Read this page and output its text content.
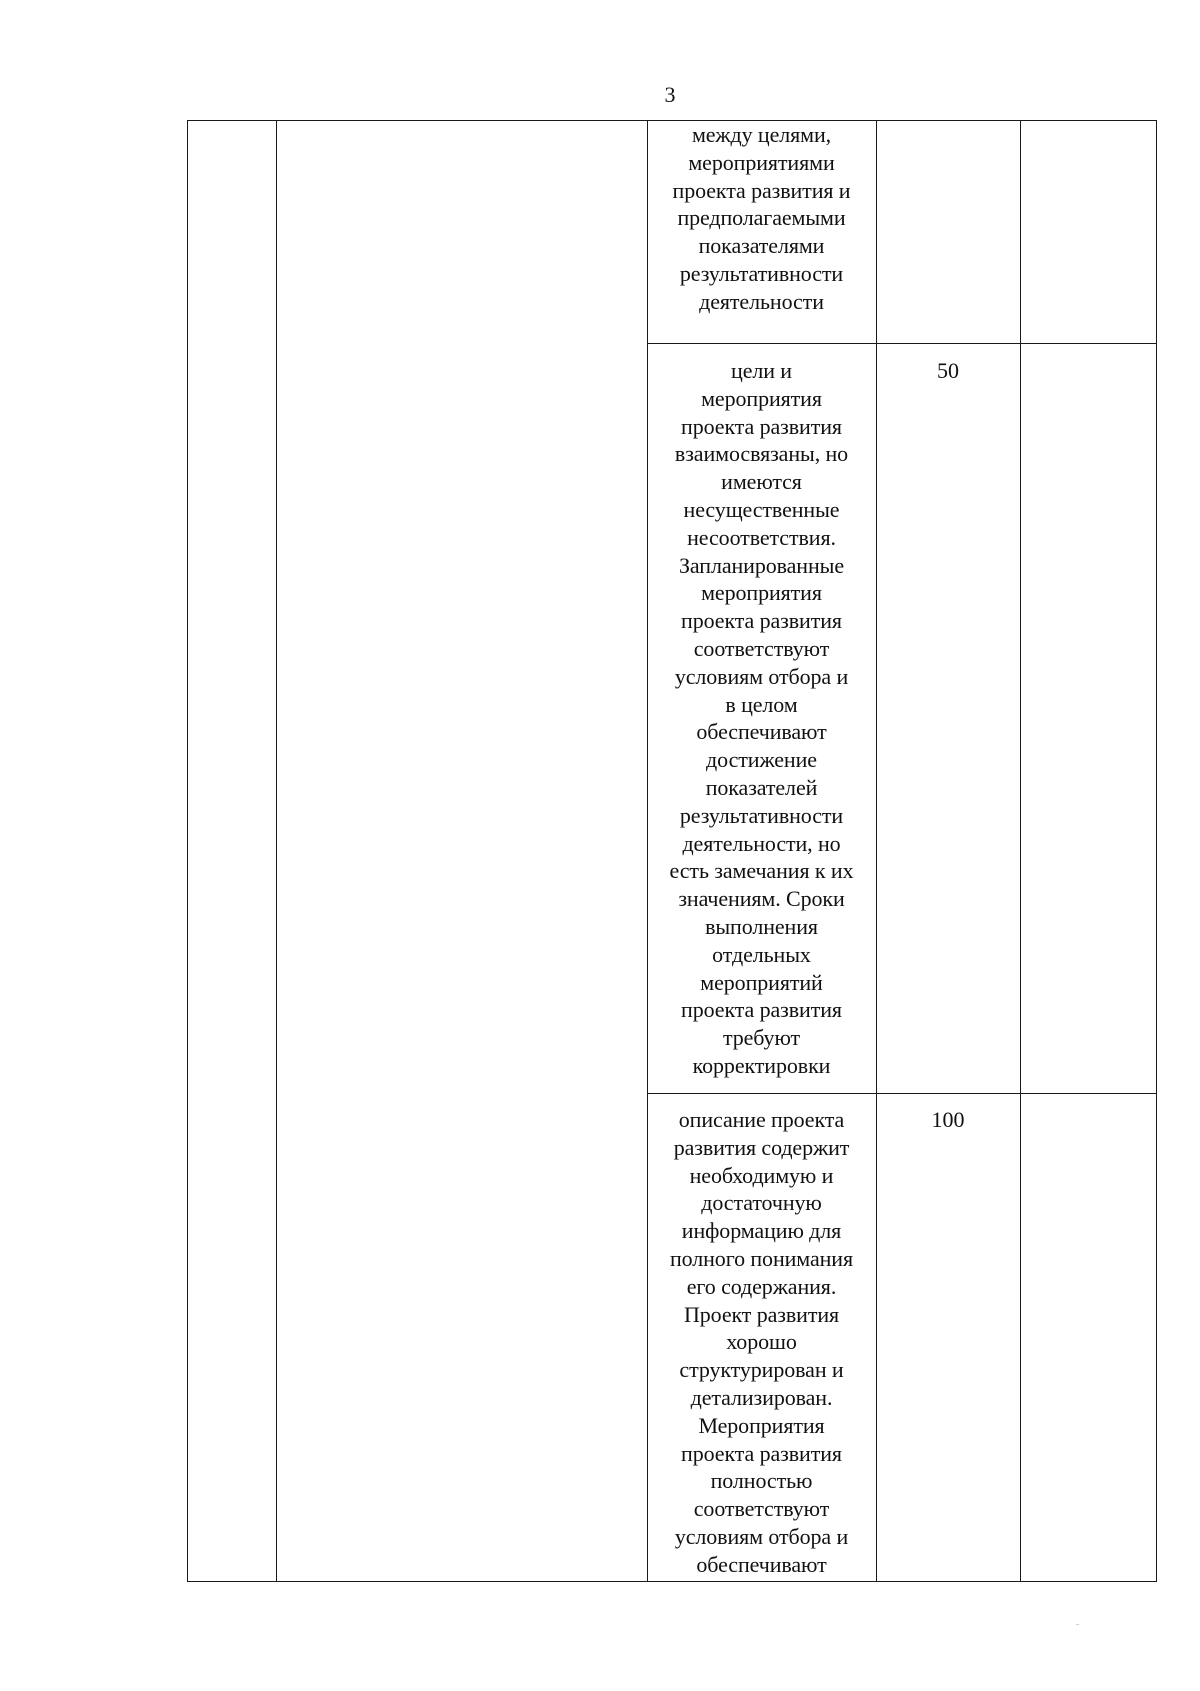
3
между целями,
мероприятиями
проекта развития и
предполагаемыми
показателями
результативности
деятельности
цели и
мероприятия
проекта развития
взаимосвязаны, но
имеются
несущественные
несоответствия.
Запланированные
мероприятия
проекта развития
соответствуют
условиям отбора и
в целом
обеспечивают
достижение
показателей
результативности
деятельности, но
есть замечания к их
значениям. Сроки
выполнения
отдельных
мероприятий
проекта развития
требуют
корректировки
50
описание проекта
развития содержит
необходимую и
достаточную
информацию для
полного понимания
его содержания.
Проект развития
хорошо
структурирован и
детализирован.
Мероприятия
проекта развития
полностью
соответствуют
условиям отбора и
обеспечивают
100
